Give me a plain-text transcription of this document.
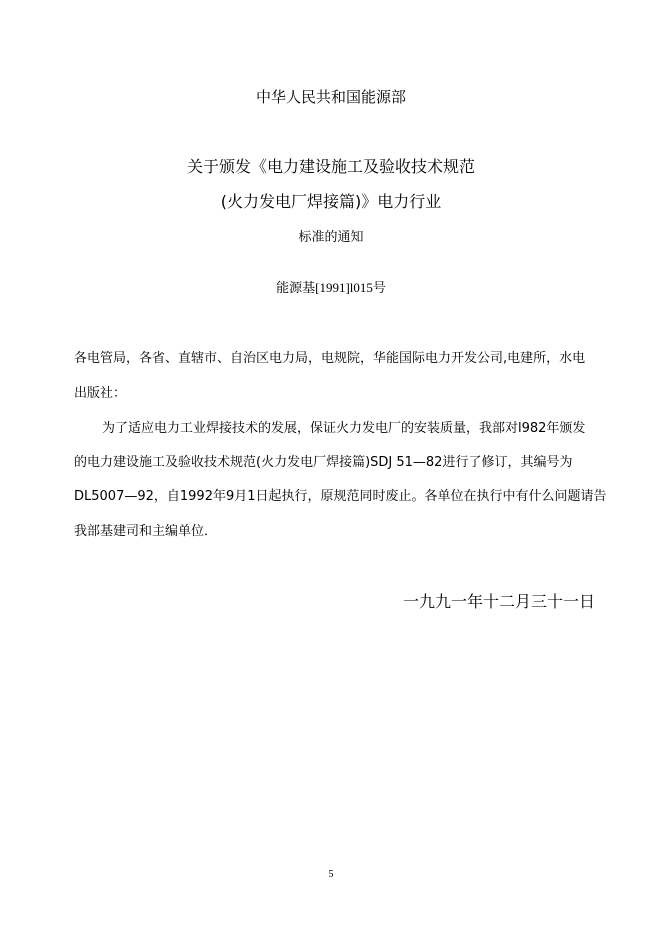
中华人民共和国能源部
关于颁发《电力建设施工及验收技术规范
(火力发电厂焊接篇)》电力行业
标准的通知
能源基[1991]l015号
各电管局，各省、直辖市、自治区电力局，电规院，华能国际电力开发公司,电建所，水电
出版社：
为了适应电力工业焊接技术的发展，保证火力发电厂的安装质量，我部对l982年颁发
的电力建设施工及验收技术规范(火力发电厂焊接篇)SDJ 51—82进行了修订，其编号为
DL5007—92，自1992年9月1日起执行，原规范同时废止。各单位在执行中有什么问题请告
我部基建司和主编单位．
一九九一年十二月三十一日
5
